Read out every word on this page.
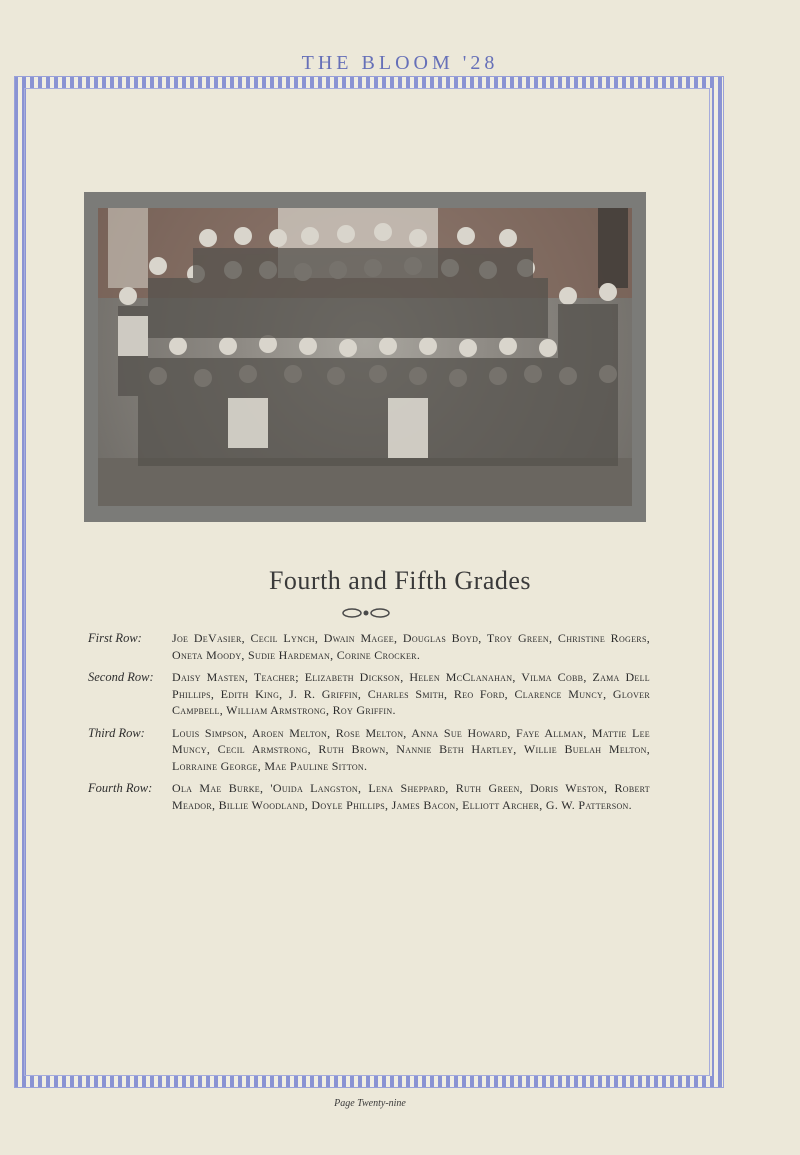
THE BLOOM '28
Fourth and Fifth Grades
First Row:	Joe DeVasier, Cecil Lynch, Dwain Magee, Douglas Boyd, Troy Green, Christine Rogers, Oneta Moody, Sudie Hardeman, Corine Crocker.
Second Row:	Daisy Masten, Teacher; Elizabeth Dickson, Helen McClanahan, Vilma Cobb, Zama Dell Phillips, Edith King, J. R. Griffin, Charles Smith, Reo Ford, Clarence Muncy, Glover Campbell, William Armstrong, Roy Griffin.
Third Row:	Louis Simpson, Aroen Melton, Rose Melton, Anna Sue Howard, Faye Allman, Mattie Lee Muncy, Cecil Armstrong, Ruth Brown, Nannie Beth Hartley, Willie Buelah Melton, Lorraine George, Mae Pauline Sitton.
Fourth Row:	Ola Mae Burke, 'Ouida Langston, Lena Sheppard, Ruth Green, Doris Weston, Robert Meador, Billie Woodland, Doyle Phillips, James Bacon, Elliott Archer, G. W. Patterson.
Page Twenty-nine
